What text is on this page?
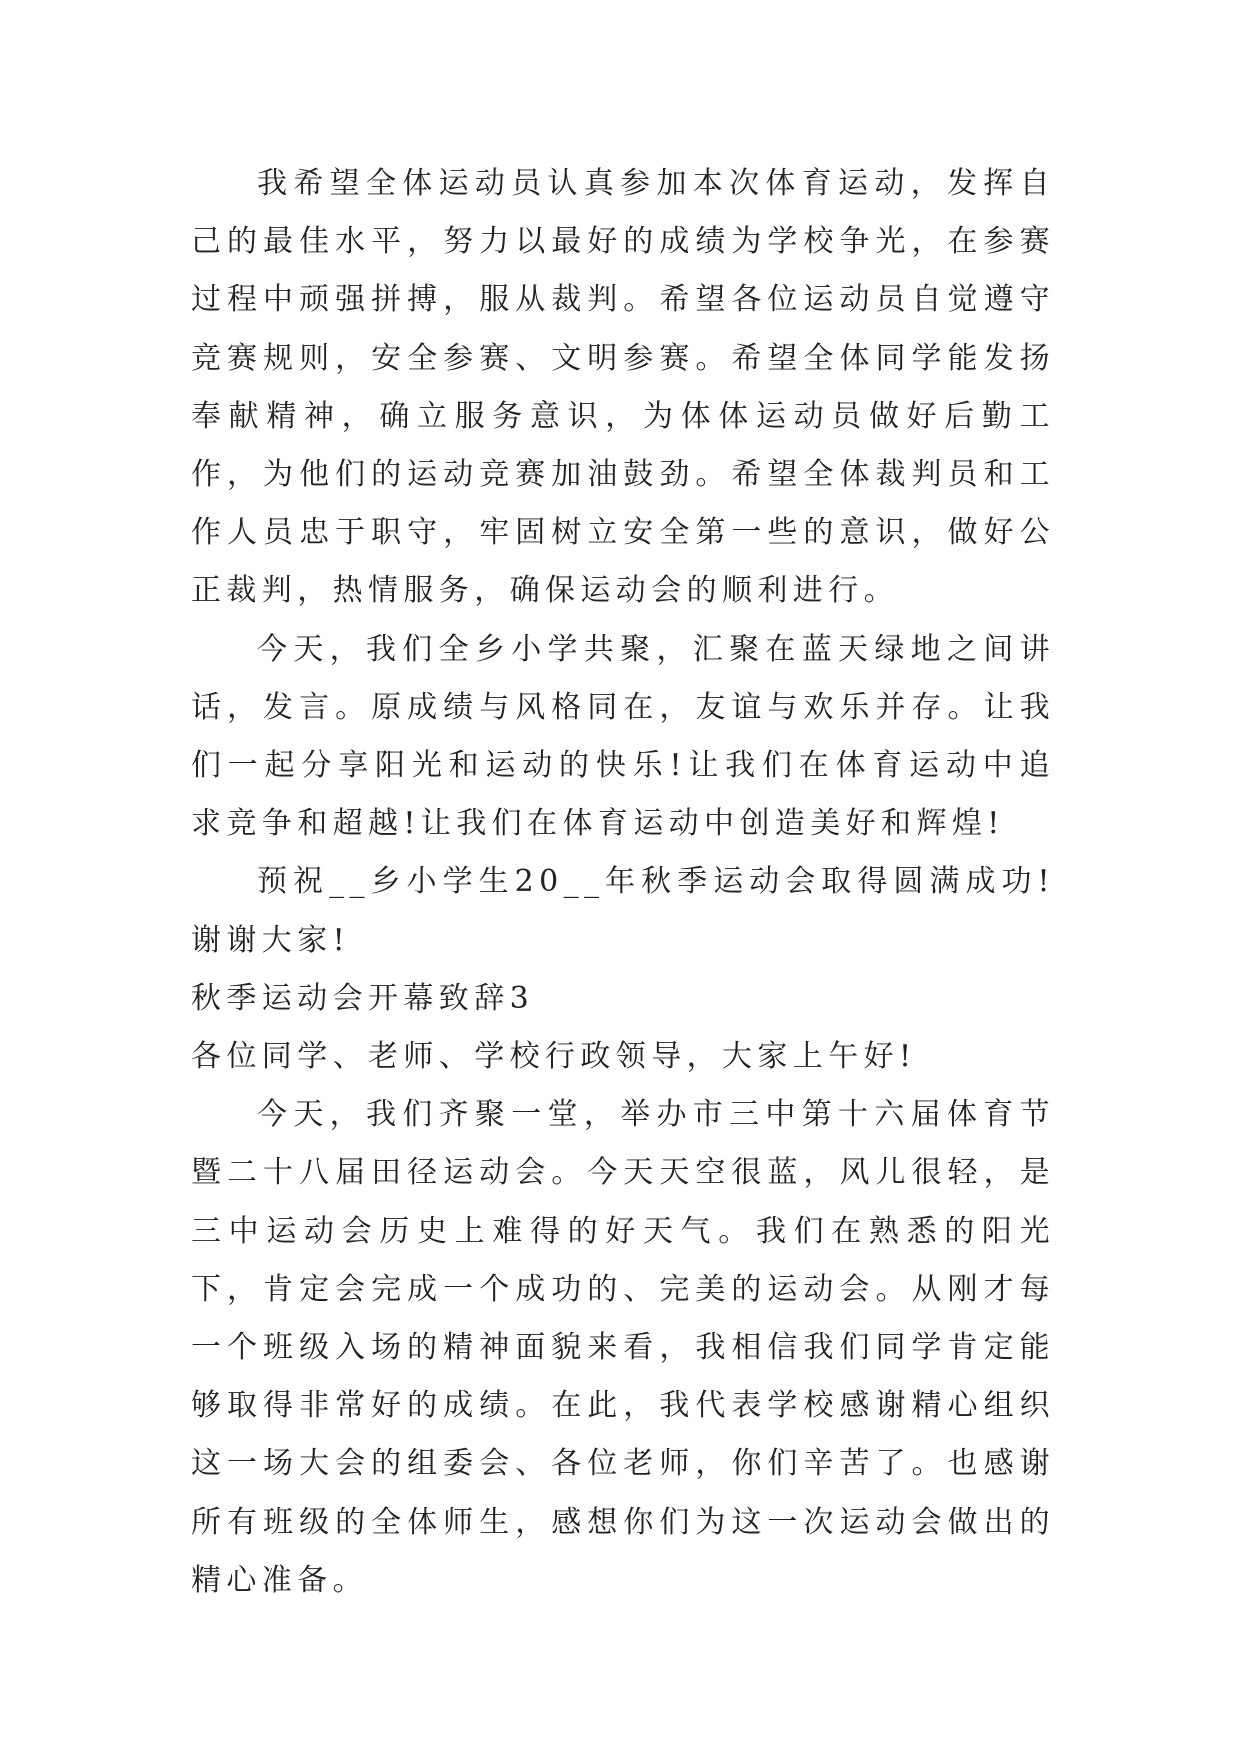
我希望全体运动员认真参加本次体育运动，发挥自己的最佳水平，努力以最好的成绩为学校争光，在参赛过程中顽强拼搏，服从裁判。希望各位运动员自觉遵守竞赛规则，安全参赛、文明参赛。希望全体同学能发扬奉献精神，确立服务意识，为体体运动员做好后勤工作，为他们的运动竞赛加油鼓劲。希望全体裁判员和工作人员忠于职守，牢固树立安全第一些的意识，做好公正裁判，热情服务，确保运动会的顺利进行。

今天，我们全乡小学共聚，汇聚在蓝天绿地之间讲话，发言。原成绩与风格同在，友谊与欢乐并存。让我们一起分享阳光和运动的快乐!让我们在体育运动中追求竞争和超越!让我们在体育运动中创造美好和辉煌!

预祝__乡小学生20__年秋季运动会取得圆满成功!谢谢大家!

秋季运动会开幕致辞3

各位同学、老师、学校行政领导，大家上午好!

今天，我们齐聚一堂，举办市三中第十六届体育节暨二十八届田径运动会。今天天空很蓝，风儿很轻，是三中运动会历史上难得的好天气。我们在熟悉的阳光下，肯定会完成一个成功的、完美的运动会。从刚才每一个班级入场的精神面貌来看，我相信我们同学肯定能够取得非常好的成绩。在此，我代表学校感谢精心组织这一场大会的组委会、各位老师，你们辛苦了。也感谢所有班级的全体师生，感想你们为这一次运动会做出的精心准备。
